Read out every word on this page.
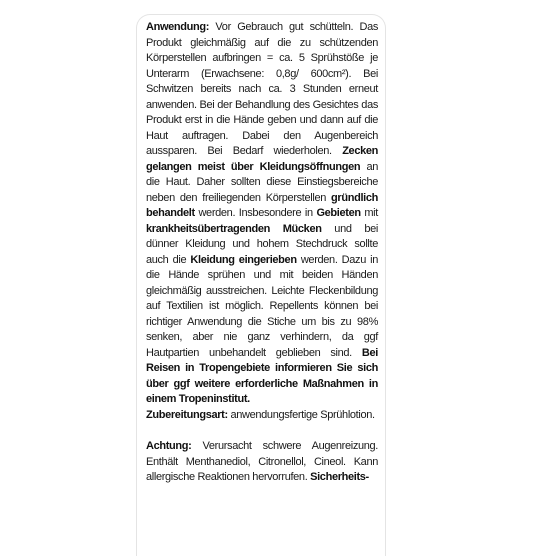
Anwendung: Vor Gebrauch gut schütteln. Das Produkt gleichmäßig auf die zu schützenden Körperstellen aufbringen = ca. 5 Sprühstöße je Unterarm (Erwachsene: 0,8g/ 600cm²). Bei Schwitzen bereits nach ca. 3 Stunden erneut anwenden. Bei der Behandlung des Gesichtes das Produkt erst in die Hände geben und dann auf die Haut auftragen. Dabei den Augenbereich aussparen. Bei Bedarf wiederholen. Zecken gelangen meist über Kleidungsöffnungen an die Haut. Daher sollten diese Einstiegsbereiche neben den freiliegenden Körperstellen gründlich behandelt werden. Insbesondere in Gebieten mit krankheitsübertragenden Mücken und bei dünner Kleidung und hohem Stechdruck sollte auch die Kleidung eingerieben werden. Dazu in die Hände sprühen und mit beiden Händen gleichmäßig ausstreichen. Leichte Fleckenbildung auf Textilien ist möglich. Repellents können bei richtiger Anwendung die Stiche um bis zu 98% senken, aber nie ganz verhindern, da ggf Hautpartien unbehandelt geblieben sind. Bei Reisen in Tropengebiete informieren Sie sich über ggf weitere erforderliche Maßnahmen in einem Tropeninstitut.

Zubereitungsart: anwendungsfertige Sprühlotion.

Achtung: Verursacht schwere Augenreizung. Enthält Menthanediol, Citronellol, Cineol. Kann allergische Reaktionen hervorrufen. Sicherheits-
